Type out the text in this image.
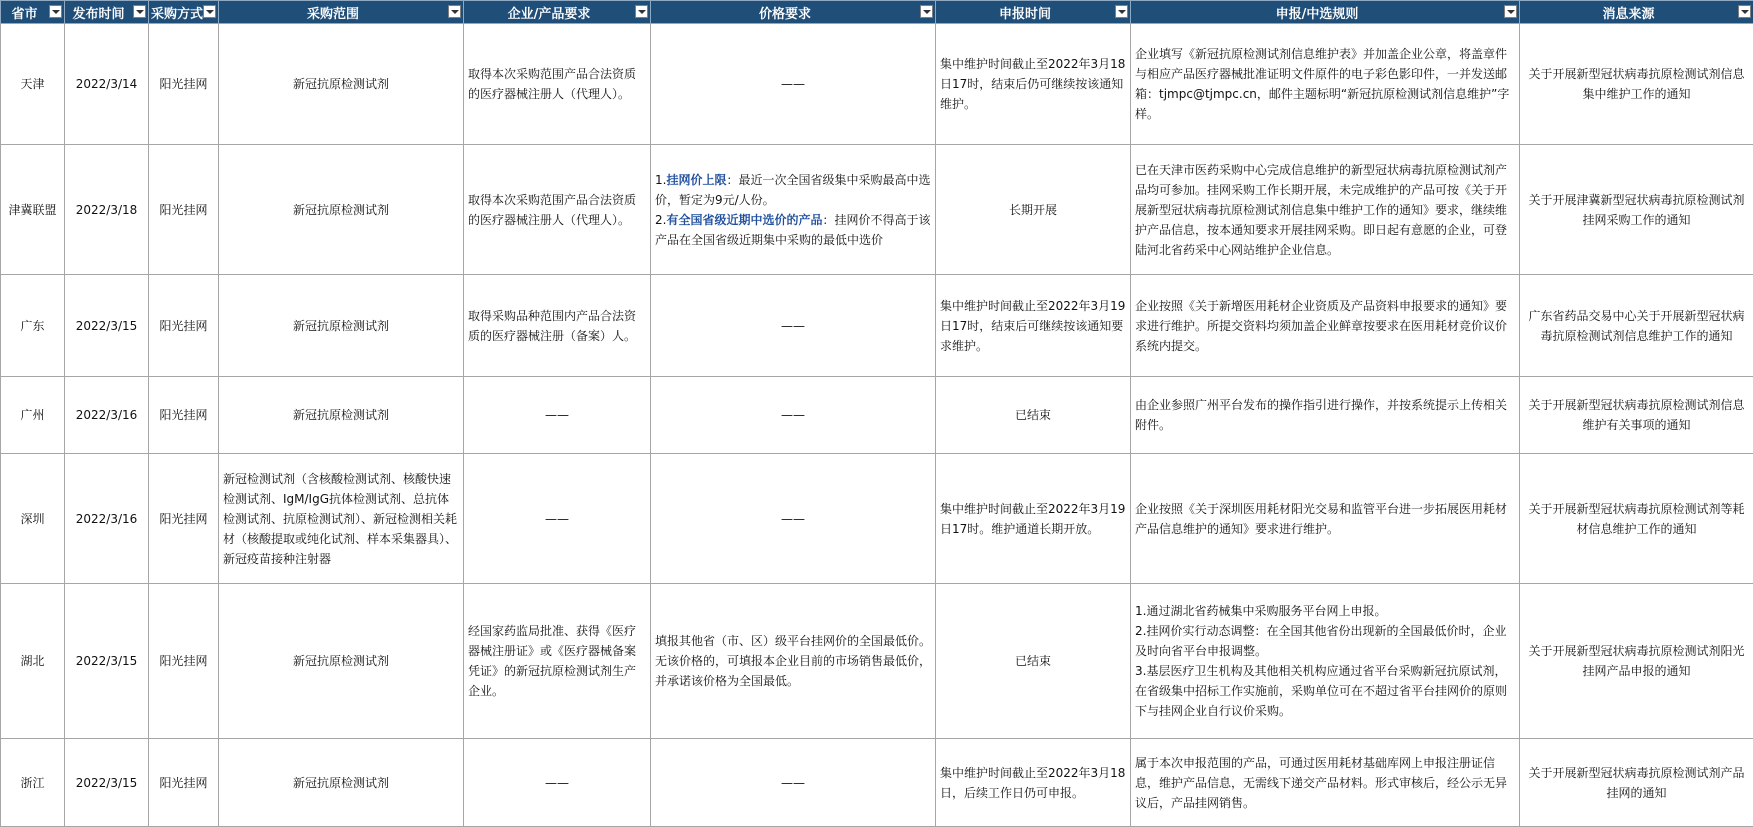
省市	发布时间	采购方式	采购范围	企业/产品要求	价格要求	申报时间	申报/中选规则	消息来源

天津	2022/3/14	阳光挂网	新冠抗原检测试剂	取得本次采购范围产品合法资质的医疗器械注册人（代理人）。	——	集中维护时间截止至2022年3月18日17时，结束后仍可继续按该通知维护。	企业填写《新冠抗原检测试剂信息维护表》并加盖企业公章，将盖章件与相应产品医疗器械批准证明文件原件的电子彩色影印件，一并发送邮箱：tjmpc@tjmpc.cn，邮件主题标明“新冠抗原检测试剂信息维护”字样。	关于开展新型冠状病毒抗原检测试剂信息集中维护工作的通知
津冀联盟	2022/3/18	阳光挂网	新冠抗原检测试剂	取得本次采购范围产品合法资质的医疗器械注册人（代理人）。	1.挂网价上限：最近一次全国省级集中采购最高中选价，暂定为9元/人份。
2.有全国省级近期中选价的产品：挂网价不得高于该产品在全国省级近期集中采购的最低中选价	长期开展	已在天津市医药采购中心完成信息维护的新型冠状病毒抗原检测试剂产品均可参加。挂网采购工作长期开展，未完成维护的产品可按《关于开展新型冠状病毒抗原检测试剂信息集中维护工作的通知》要求，继续维护产品信息，按本通知要求开展挂网采购。即日起有意愿的企业，可登陆河北省药采中心网站维护企业信息。	关于开展津冀新型冠状病毒抗原检测试剂挂网采购工作的通知
广东	2022/3/15	阳光挂网	新冠抗原检测试剂	取得采购品种范围内产品合法资质的医疗器械注册（备案）人。	——	集中维护时间截止至2022年3月19日17时，结束后可继续按该通知要求维护。	企业按照《关于新增医用耗材企业资质及产品资料申报要求的通知》要求进行维护。所提交资料均须加盖企业鲜章按要求在医用耗材竞价议价系统内提交。	广东省药品交易中心关于开展新型冠状病毒抗原检测试剂信息维护工作的通知
广州	2022/3/16	阳光挂网	新冠抗原检测试剂	——	——	已结束	由企业参照广州平台发布的操作指引进行操作，并按系统提示上传相关附件。	关于开展新型冠状病毒抗原检测试剂信息维护有关事项的通知
深圳	2022/3/16	阳光挂网	新冠检测试剂（含核酸检测试剂、核酸快速检测试剂、IgM/IgG抗体检测试剂、总抗体检测试剂、抗原检测试剂）、新冠检测相关耗材（核酸提取或纯化试剂、样本采集器具）、新冠疫苗接种注射器	——	——	集中维护时间截止至2022年3月19日17时。维护通道长期开放。	企业按照《关于深圳医用耗材阳光交易和监管平台进一步拓展医用耗材产品信息维护的通知》要求进行维护。	关于开展新型冠状病毒抗原检测试剂等耗材信息维护工作的通知
湖北	2022/3/15	阳光挂网	新冠抗原检测试剂	经国家药监局批准、获得《医疗器械注册证》或《医疗器械备案凭证》的新冠抗原检测试剂生产企业。	填报其他省（市、区）级平台挂网价的全国最低价。无该价格的，可填报本企业目前的市场销售最低价，并承诺该价格为全国最低。	已结束	1.通过湖北省药械集中采购服务平台网上申报。
2.挂网价实行动态调整：在全国其他省份出现新的全国最低价时，企业及时向省平台申报调整。
3.基层医疗卫生机构及其他相关机构应通过省平台采购新冠抗原试剂，在省级集中招标工作实施前，采购单位可在不超过省平台挂网价的原则下与挂网企业自行议价采购。	关于开展新型冠状病毒抗原检测试剂阳光挂网产品申报的通知
浙江	2022/3/15	阳光挂网	新冠抗原检测试剂	——	——	集中维护时间截止至2022年3月18日，后续工作日仍可申报。	属于本次申报范围的产品，可通过医用耗材基础库网上申报注册证信息，维护产品信息，无需线下递交产品材料。形式审核后，经公示无异议后，产品挂网销售。	关于开展新型冠状病毒抗原检测试剂产品挂网的通知
